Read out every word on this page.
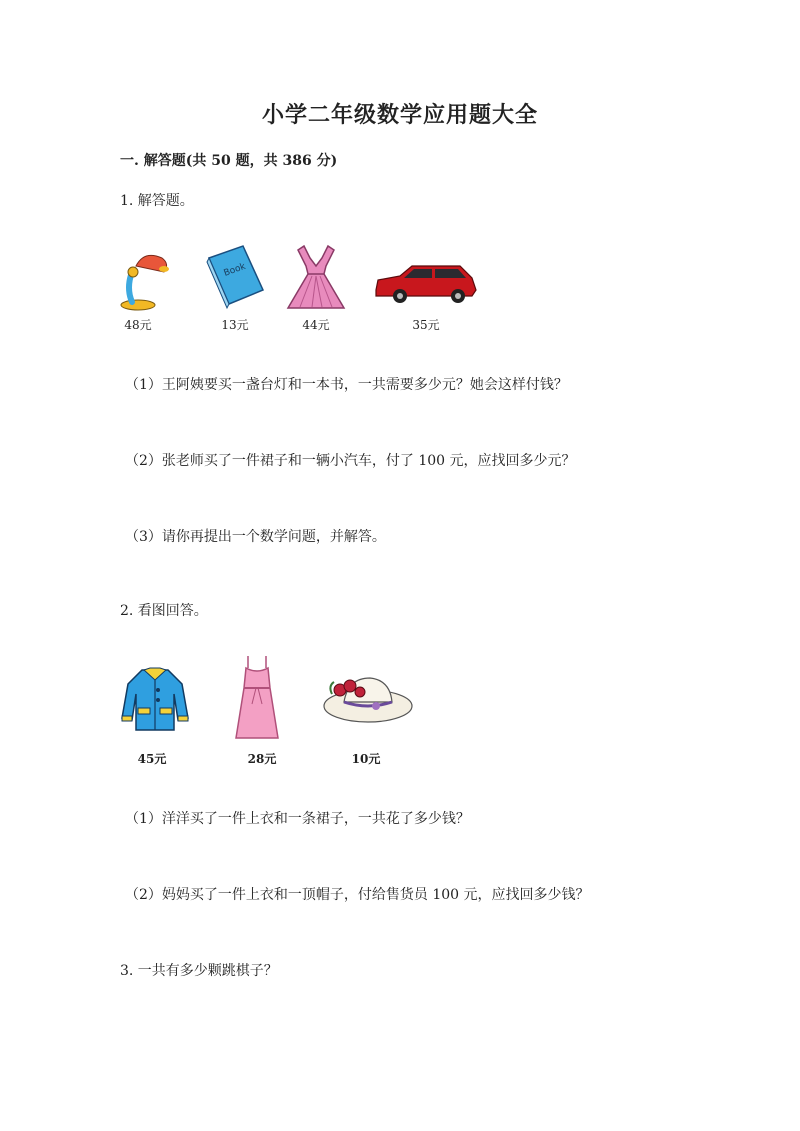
小学二年级数学应用题大全
一. 解答题(共 50 题，共 386 分)
1. 解答题。
48元
Book
13元	44元	35元
（1）王阿姨要买一盏台灯和一本书，一共需要多少元？她会这样付钱？
（2）张老师买了一件裙子和一辆小汽车，付了 100 元，应找回多少元？
（3）请你再提出一个数学问题，并解答。
2. 看图回答。
45元	28元	10元
（1）洋洋买了一件上衣和一条裙子，一共花了多少钱？
（2）妈妈买了一件上衣和一顶帽子，付给售货员 100 元，应找回多少钱？
3. 一共有多少颗跳棋子？
